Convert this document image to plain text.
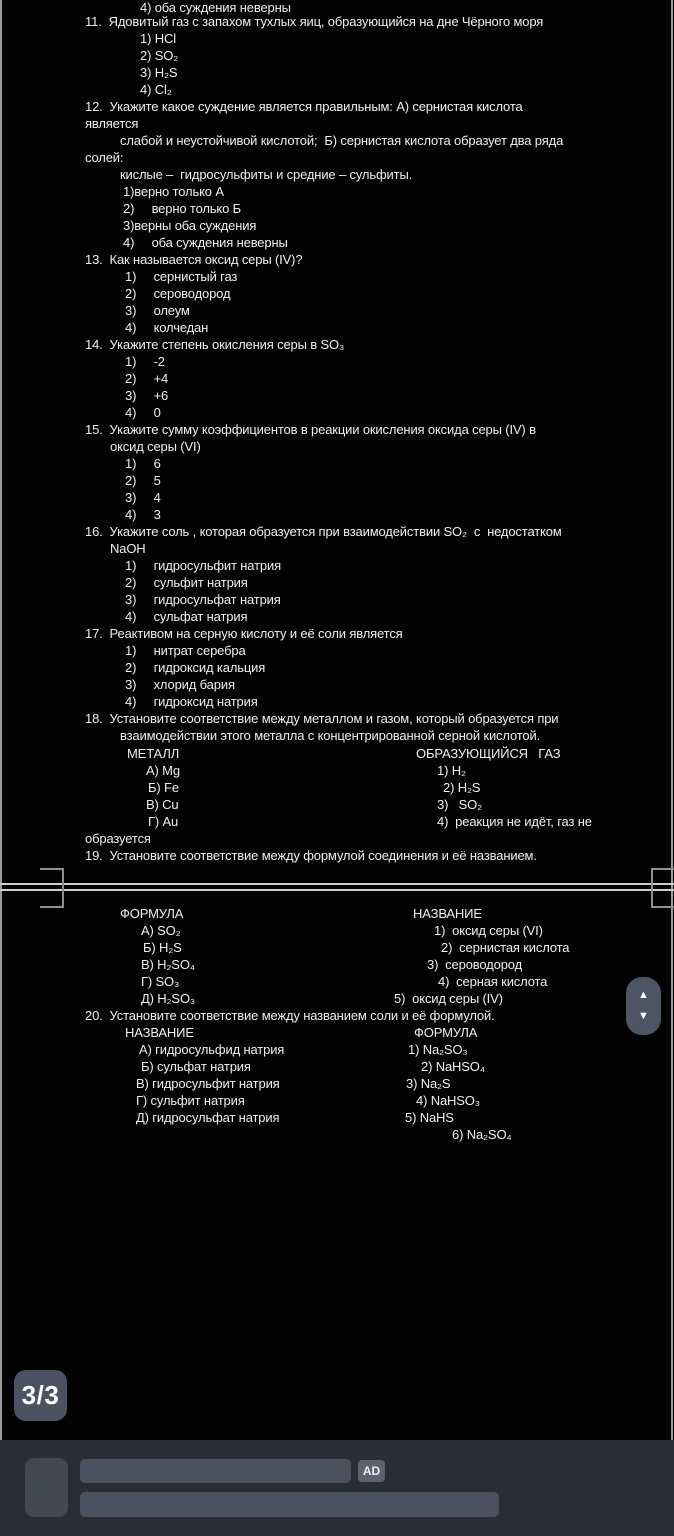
4) оба суждения неверны
11.  Ядовитый газ с запахом тухлых яиц, образующийся на дне Чёрного моря
1) HCl
2) SO₂
3) H₂S
4) Cl₂
12.  Укажите какое суждение является правильным: А) сернистая кислота
является
слабой и неустойчивой кислотой;  Б) сернистая кислота образует два ряда
солей:
кислые –  гидросульфиты и средние – сульфиты.
1)верно только А
2)     верно только Б
3)верны оба суждения
4)     оба суждения неверны
13.  Как называется оксид серы (IV)?
1)     сернистый газ
2)     сероводород
3)     олеум
4)     колчедан
14.  Укажите степень окисления серы в SO₃
1)     -2
2)     +4
3)     +6
4)     0
15.  Укажите сумму коэффициентов в реакции окисления оксида серы (IV) в
оксид серы (VI)
1)     6
2)     5
3)     4
4)     3
16.  Укажите соль , которая образуется при взаимодействии SO₂  с  недостатком
NaOH
1)     гидросульфит натрия
2)     сульфит натрия
3)     гидросульфат натрия
4)     сульфат натрия
17.  Реактивом на серную кислоту и её соли является
1)     нитрат серебра
2)     гидроксид кальция
3)     хлорид бария
4)     гидроксид натрия
18.  Установите соответствие между металлом и газом, который образуется при
взаимодействии этого металла с концентрированной серной кислотой.
МЕТАЛЛ	ОБРАЗУЮЩИЙСЯ   ГАЗ
А) Mg	1) H₂
Б) Fe	2) H₂S
В) Cu	3)   SO₂
Г) Au	4)  реакция не идёт, газ не
образуется
19.  Установите соответствие между формулой соединения и её названием.
ФОРМУЛА	НАЗВАНИЕ
А) SO₂	1)  оксид серы (VI)
Б) H₂S	2)  сернистая кислота
В) H₂SO₄	3)  сероводород
Г) SO₃	4)  серная кислота
Д) H₂SO₃	5)  оксид серы (IV)
20.  Установите соответствие между названием соли и её формулой.
НАЗВАНИЕ	ФОРМУЛА
А) гидросульфид натрия	1) Na₂SO₃
Б) сульфат натрия	2) NaHSO₄
В) гидросульфит натрия	3) Na₂S
Г) сульфит натрия	4) NaHSO₃
Д) гидросульфат натрия	5) NaHS
6) Na₂SO₄
▲
▼
3/3
AD
